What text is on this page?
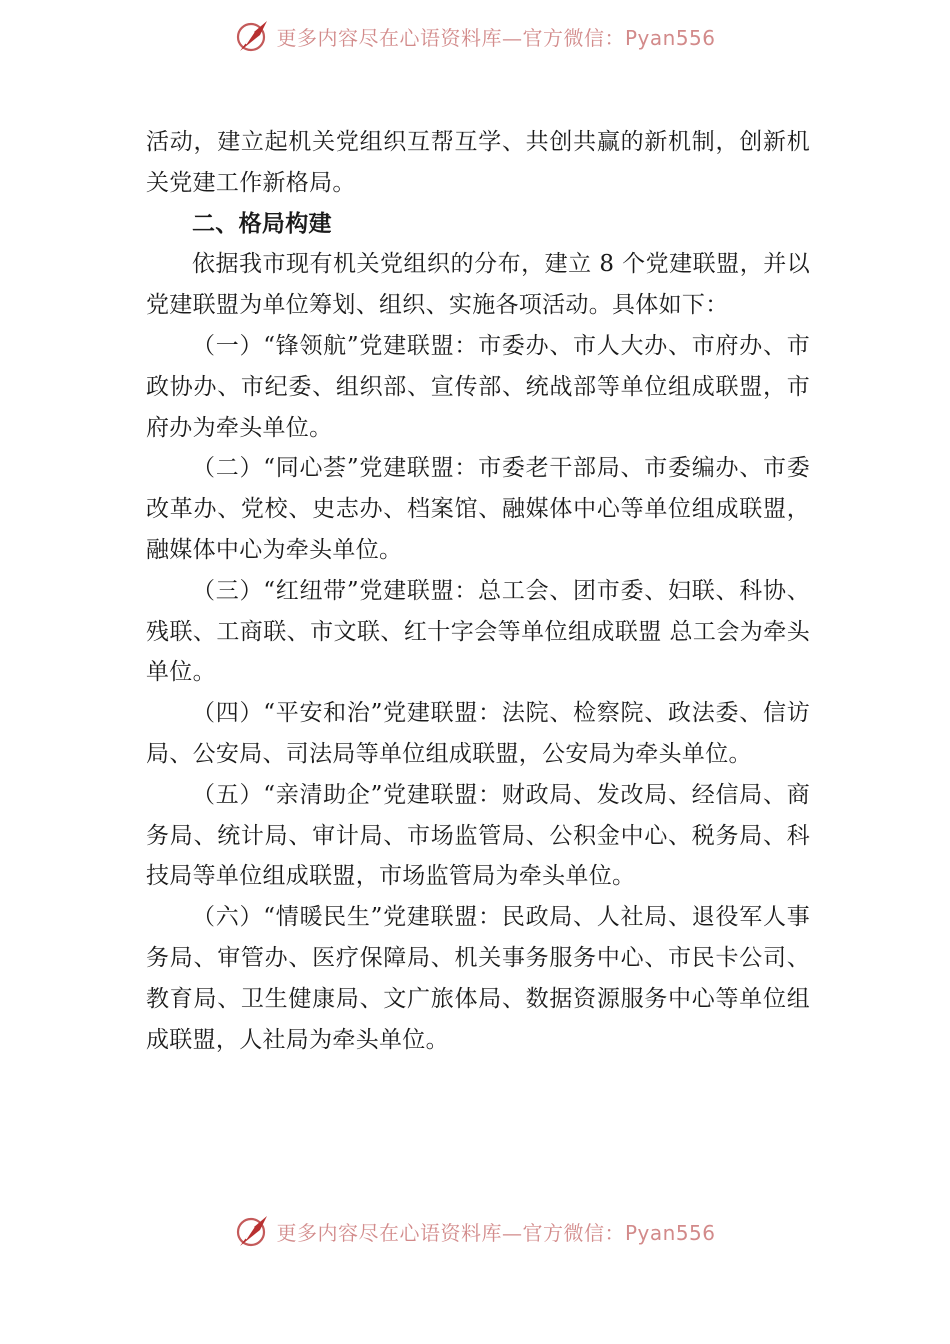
更多内容尽在心语资料库—官方微信：Pyan556

活动，建立起机关党组织互帮互学、共创共赢的新机制，创新机关党建工作新格局。

二、格局构建

依据我市现有机关党组织的分布，建立 8 个党建联盟，并以党建联盟为单位筹划、组织、实施各项活动。具体如下：

（一）“锋领航”党建联盟：市委办、市人大办、市府办、市政协办、市纪委、组织部、宣传部、统战部等单位组成联盟，市府办为牵头单位。

（二）“同心荟”党建联盟：市委老干部局、市委编办、市委改革办、党校、史志办、档案馆、融媒体中心等单位组成联盟，融媒体中心为牵头单位。

（三）“红纽带”党建联盟：总工会、团市委、妇联、科协、残联、工商联、市文联、红十字会等单位组成联盟 总工会为牵头单位。

（四）“平安和治”党建联盟：法院、检察院、政法委、信访局、公安局、司法局等单位组成联盟，公安局为牵头单位。

（五）“亲清助企”党建联盟：财政局、发改局、经信局、商务局、统计局、审计局、市场监管局、公积金中心、税务局、科技局等单位组成联盟，市场监管局为牵头单位。

（六）“情暖民生”党建联盟：民政局、人社局、退役军人事务局、审管办、医疗保障局、机关事务服务中心、市民卡公司、教育局、卫生健康局、文广旅体局、数据资源服务中心等单位组成联盟，人社局为牵头单位。

更多内容尽在心语资料库—官方微信：Pyan556
